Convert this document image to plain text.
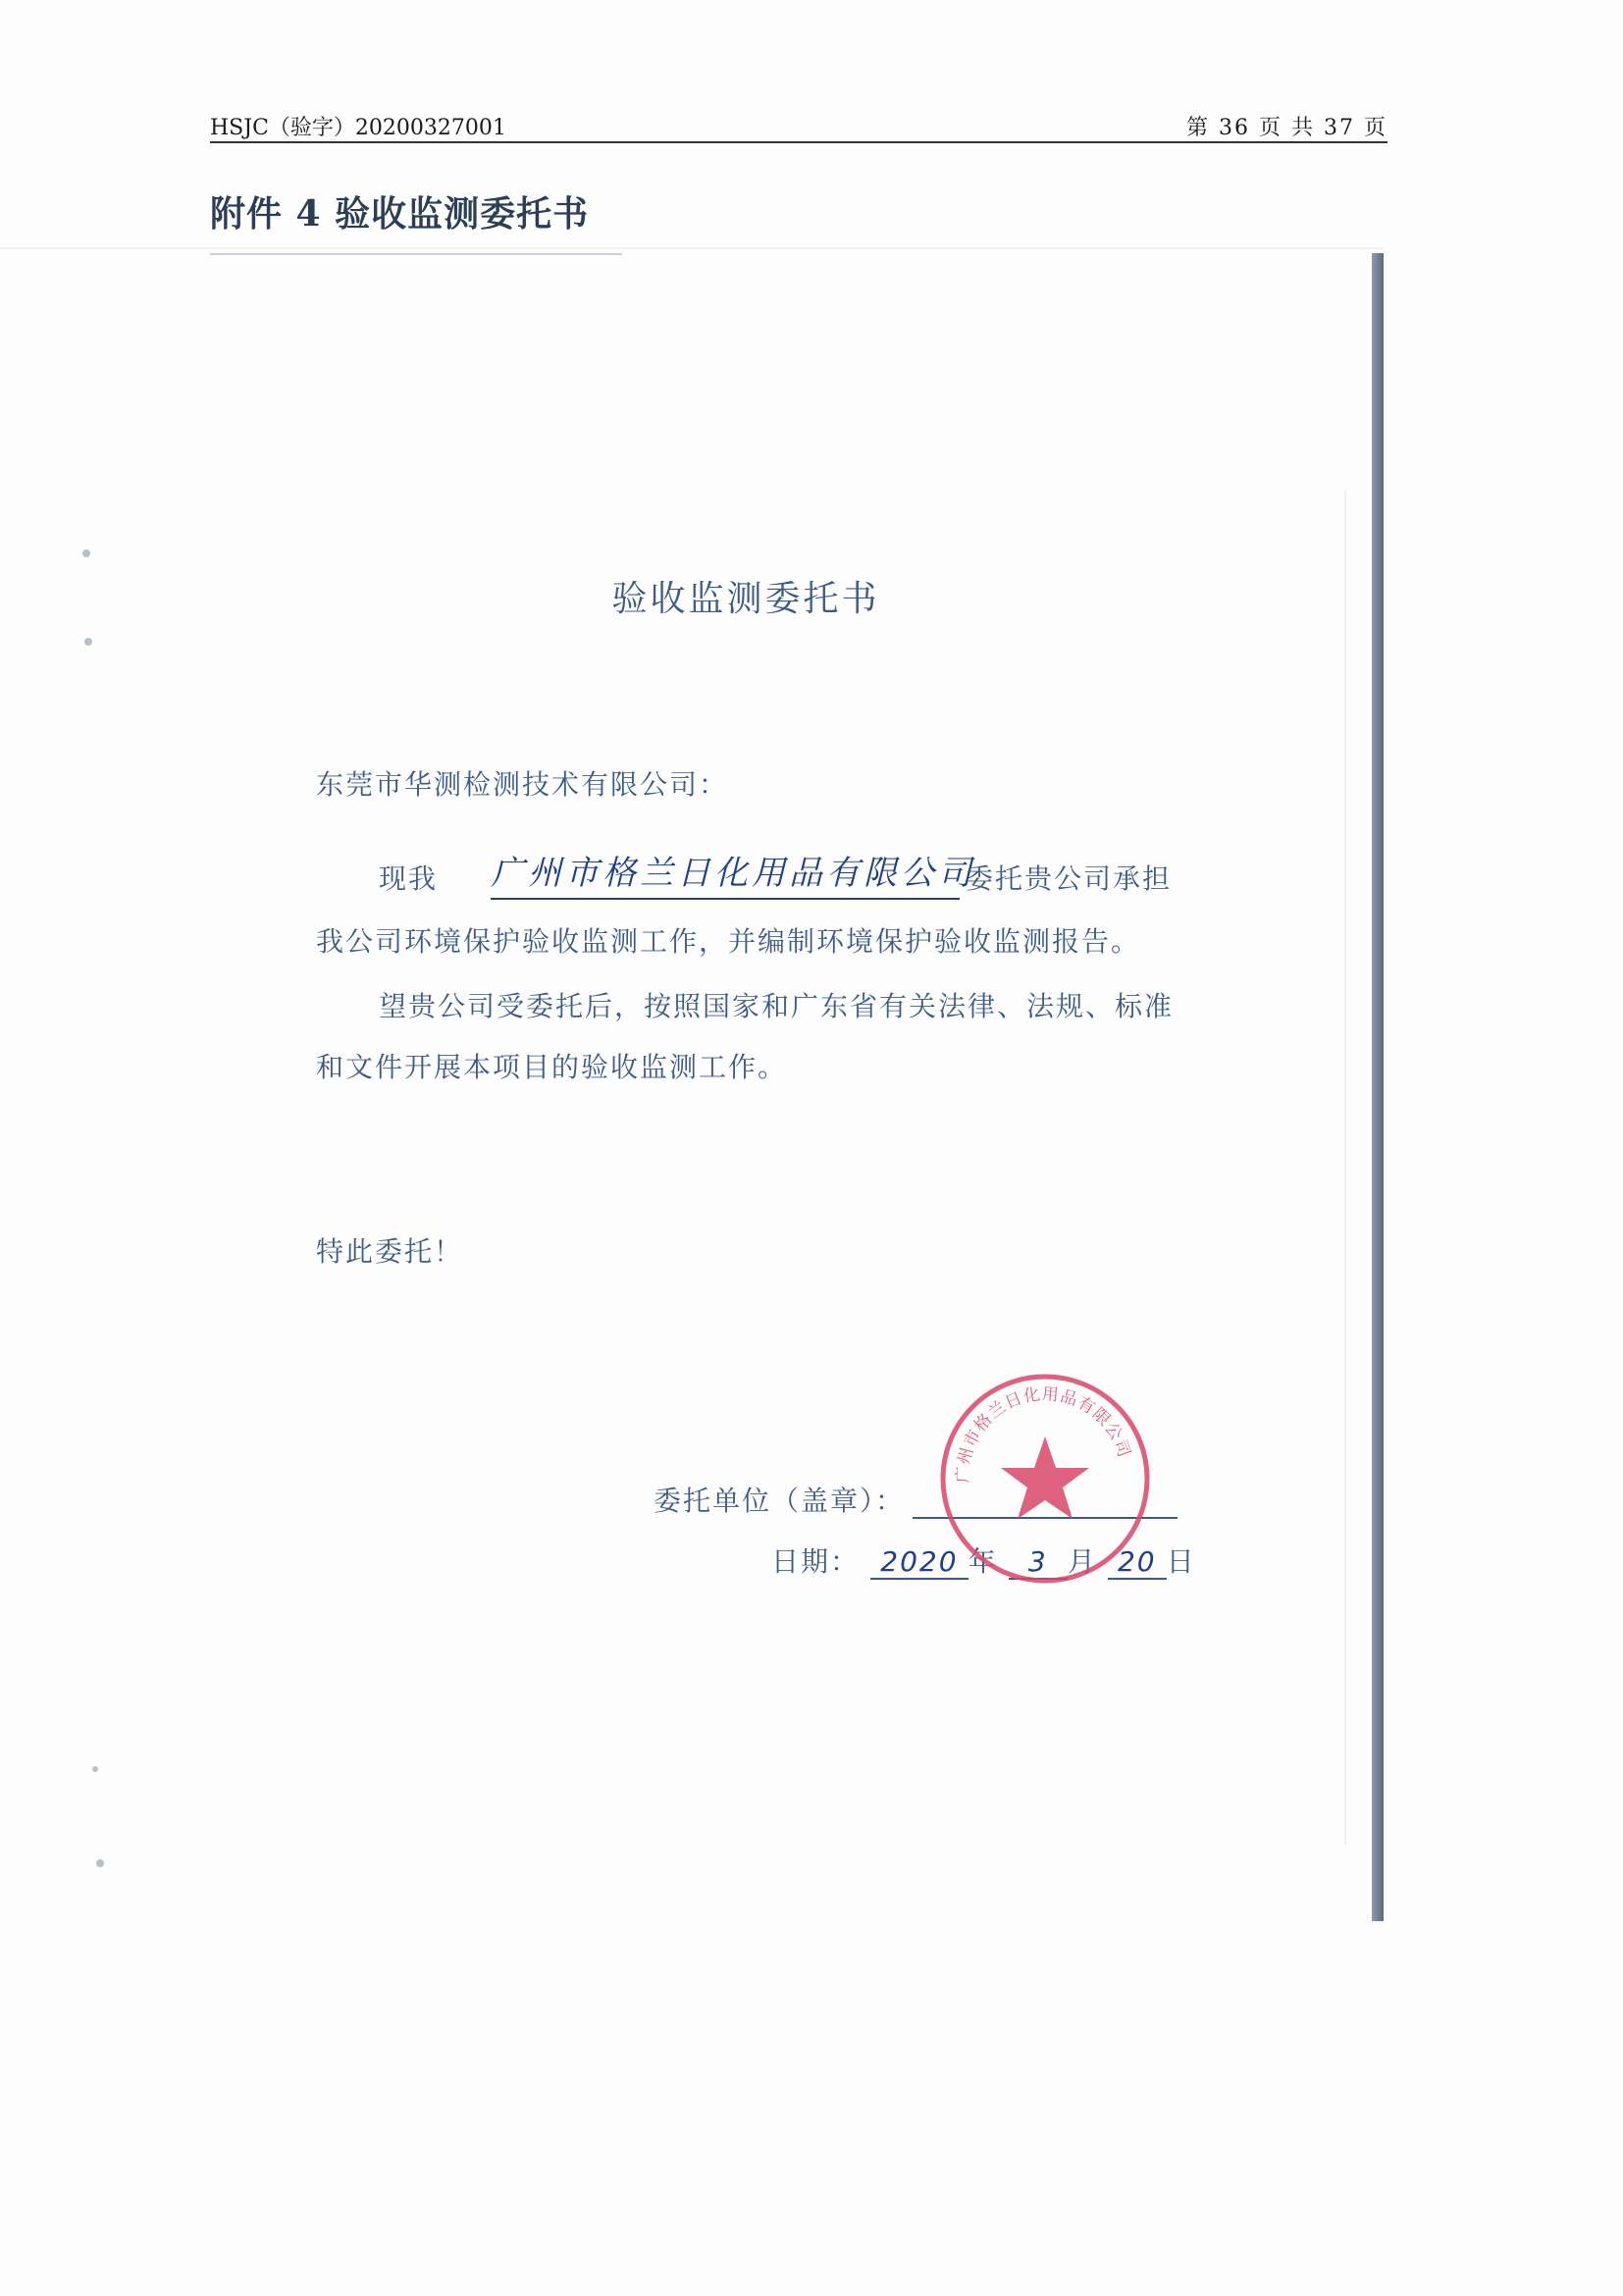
HSJC（验字）20200327001	第 36 页 共 37 页
附件 4 验收监测委托书
验收监测委托书
东莞市华测检测技术有限公司：
现我 广州市格兰日化用品有限公司
委托贵公司承担
我公司环境保护验收监测工作，并编制环境保护验收监测报告。
望贵公司受委托后，按照国家和广东省有关法律、法规、标准
和文件开展本项目的验收监测工作。
特此委托！
委托单位（盖章）：
日期： 2020 年 3 月 20 日
广州市格兰日化用品有限公司
